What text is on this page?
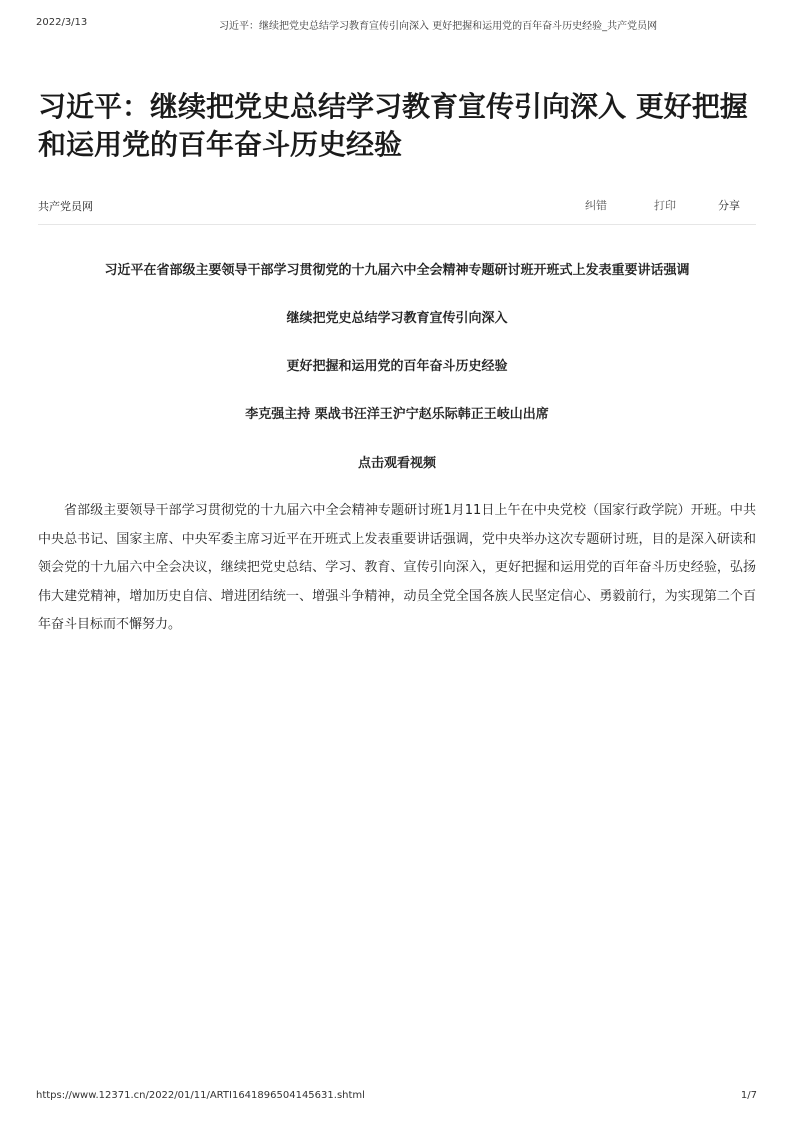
2022/3/13	习近平：继续把党史总结学习教育宣传引向深入 更好把握和运用党的百年奋斗历史经验_共产党员网
习近平：继续把党史总结学习教育宣传引向深入 更好把握和运用党的百年奋斗历史经验
共产党员网	纠错	打印	分享

习近平在省部级主要领导干部学习贯彻党的十九届六中全会精神专题研讨班开班式上发表重要讲话强调

继续把党史总结学习教育宣传引向深入

更好把握和运用党的百年奋斗历史经验

李克强主持 栗战书汪洋王沪宁赵乐际韩正王岐山出席

点击观看视频

省部级主要领导干部学习贯彻党的十九届六中全会精神专题研讨班1月11日上午在中央党校（国家行政学院）开班。中共中央总书记、国家主席、中央军委主席习近平在开班式上发表重要讲话强调，党中央举办这次专题研讨班，目的是深入研读和领会党的十九届六中全会决议，继续把党史总结、学习、教育、宣传引向深入，更好把握和运用党的百年奋斗历史经验，弘扬伟大建党精神，增加历史自信、增进团结统一、增强斗争精神，动员全党全国各族人民坚定信心、勇毅前行，为实现第二个百年奋斗目标而不懈努力。

https://www.12371.cn/2022/01/11/ARTI1641896504145631.shtml	1/7
